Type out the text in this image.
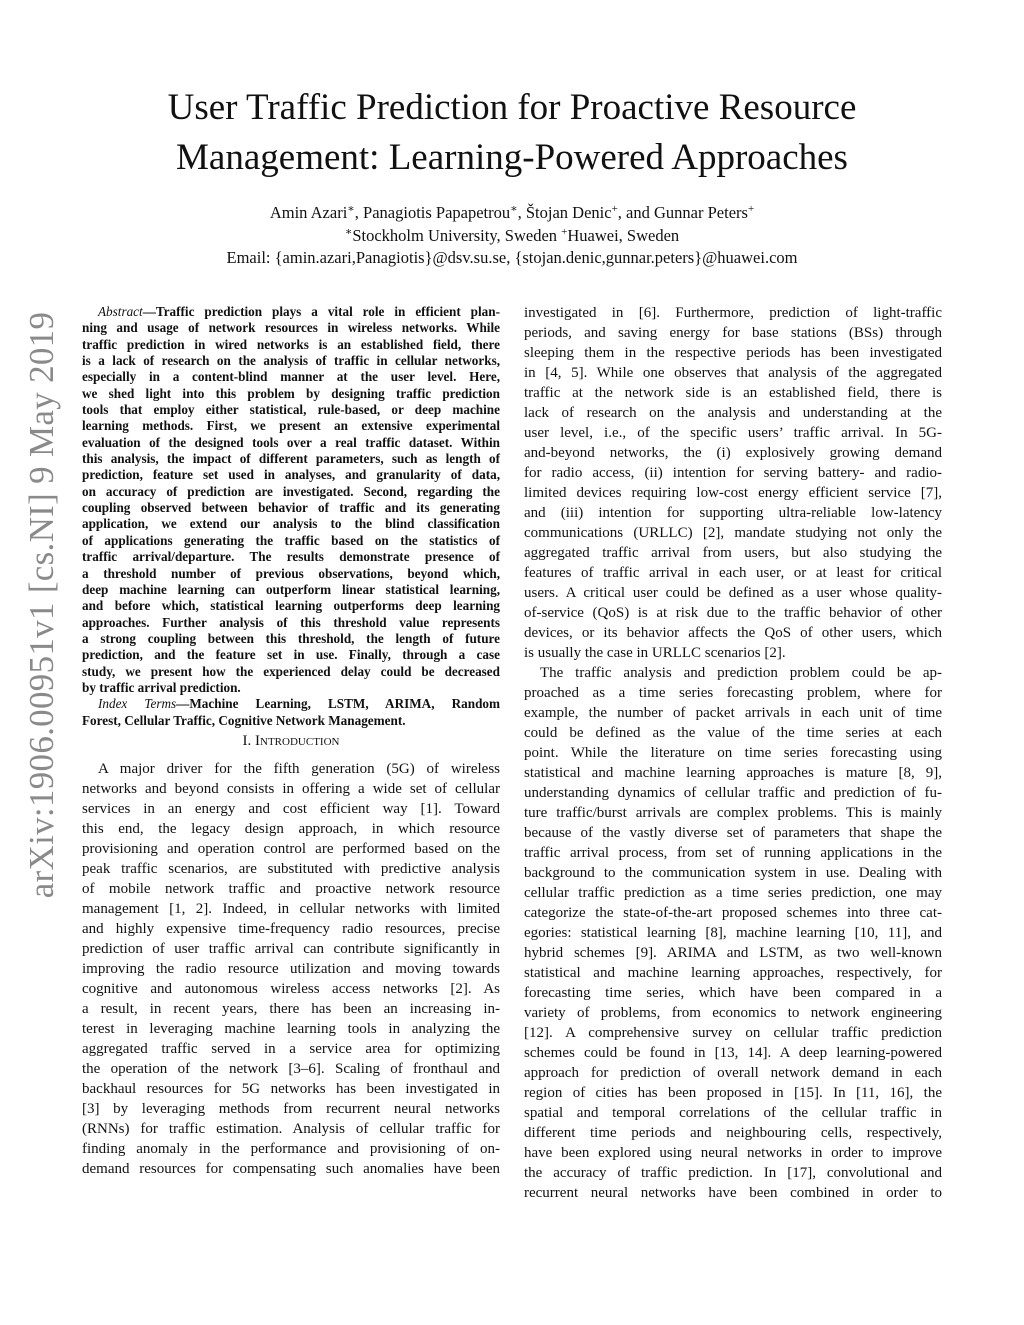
arXiv:1906.00951v1 [cs.NI] 9 May 2019
User Traffic Prediction for Proactive Resource
Management: Learning-Powered Approaches
Amin Azari∗, Panagiotis Papapetrou∗, Štojan Denic+, and Gunnar Peters+
∗Stockholm University, Sweden +Huawei, Sweden
Email: {amin.azari,Panagiotis}@dsv.su.se, {stojan.denic,gunnar.peters}@huawei.com
Abstract—Traffic prediction plays a vital role in efficient plan-
ning and usage of network resources in wireless networks. While
traffic prediction in wired networks is an established field, there
is a lack of research on the analysis of traffic in cellular networks,
especially in a content-blind manner at the user level. Here,
we shed light into this problem by designing traffic prediction
tools that employ either statistical, rule-based, or deep machine
learning methods. First, we present an extensive experimental
evaluation of the designed tools over a real traffic dataset. Within
this analysis, the impact of different parameters, such as length of
prediction, feature set used in analyses, and granularity of data,
on accuracy of prediction are investigated. Second, regarding the
coupling observed between behavior of traffic and its generating
application, we extend our analysis to the blind classification
of applications generating the traffic based on the statistics of
traffic arrival/departure. The results demonstrate presence of
a threshold number of previous observations, beyond which,
deep machine learning can outperform linear statistical learning,
and before which, statistical learning outperforms deep learning
approaches. Further analysis of this threshold value represents
a strong coupling between this threshold, the length of future
prediction, and the feature set in use. Finally, through a case
study, we present how the experienced delay could be decreased
by traffic arrival prediction.
Index Terms—Machine Learning, LSTM, ARIMA, Random
Forest, Cellular Traffic, Cognitive Network Management.
I. Introduction
A major driver for the fifth generation (5G) of wireless
networks and beyond consists in offering a wide set of cellular
services in an energy and cost efficient way [1]. Toward
this end, the legacy design approach, in which resource
provisioning and operation control are performed based on the
peak traffic scenarios, are substituted with predictive analysis
of mobile network traffic and proactive network resource
management [1, 2]. Indeed, in cellular networks with limited
and highly expensive time-frequency radio resources, precise
prediction of user traffic arrival can contribute significantly in
improving the radio resource utilization and moving towards
cognitive and autonomous wireless access networks [2]. As
a result, in recent years, there has been an increasing in-
terest in leveraging machine learning tools in analyzing the
aggregated traffic served in a service area for optimizing
the operation of the network [3–6]. Scaling of fronthaul and
backhaul resources for 5G networks has been investigated in
[3] by leveraging methods from recurrent neural networks
(RNNs) for traffic estimation. Analysis of cellular traffic for
finding anomaly in the performance and provisioning of on-
demand resources for compensating such anomalies have been
investigated in [6]. Furthermore, prediction of light-traffic
periods, and saving energy for base stations (BSs) through
sleeping them in the respective periods has been investigated
in [4, 5]. While one observes that analysis of the aggregated
traffic at the network side is an established field, there is
lack of research on the analysis and understanding at the
user level, i.e., of the specific users’ traffic arrival. In 5G-
and-beyond networks, the (i) explosively growing demand
for radio access, (ii) intention for serving battery- and radio-
limited devices requiring low-cost energy efficient service [7],
and (iii) intention for supporting ultra-reliable low-latency
communications (URLLC) [2], mandate studying not only the
aggregated traffic arrival from users, but also studying the
features of traffic arrival in each user, or at least for critical
users. A critical user could be defined as a user whose quality-
of-service (QoS) is at risk due to the traffic behavior of other
devices, or its behavior affects the QoS of other users, which
is usually the case in URLLC scenarios [2].
The traffic analysis and prediction problem could be ap-
proached as a time series forecasting problem, where for
example, the number of packet arrivals in each unit of time
could be defined as the value of the time series at each
point. While the literature on time series forecasting using
statistical and machine learning approaches is mature [8, 9],
understanding dynamics of cellular traffic and prediction of fu-
ture traffic/burst arrivals are complex problems. This is mainly
because of the vastly diverse set of parameters that shape the
traffic arrival process, from set of running applications in the
background to the communication system in use. Dealing with
cellular traffic prediction as a time series prediction, one may
categorize the state-of-the-art proposed schemes into three cat-
egories: statistical learning [8], machine learning [10, 11], and
hybrid schemes [9]. ARIMA and LSTM, as two well-known
statistical and machine learning approaches, respectively, for
forecasting time series, which have been compared in a
variety of problems, from economics to network engineering
[12]. A comprehensive survey on cellular traffic prediction
schemes could be found in [13, 14]. A deep learning-powered
approach for prediction of overall network demand in each
region of cities has been proposed in [15]. In [11, 16], the
spatial and temporal correlations of the cellular traffic in
different time periods and neighbouring cells, respectively,
have been explored using neural networks in order to improve
the accuracy of traffic prediction. In [17], convolutional and
recurrent neural networks have been combined in order to
